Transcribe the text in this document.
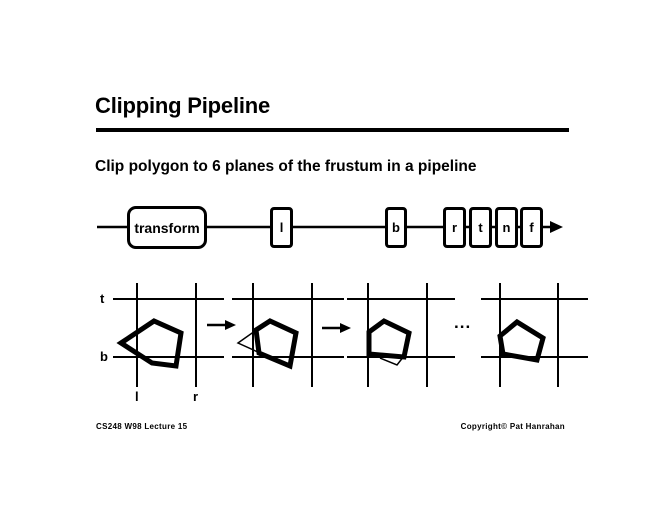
Clipping Pipeline
Clip polygon to 6 planes of the frustum in a pipeline
transform	l	b	r	t	n	f
t
b
l	r
...
CS248 W98 Lecture 15	Copyright© Pat Hanrahan
